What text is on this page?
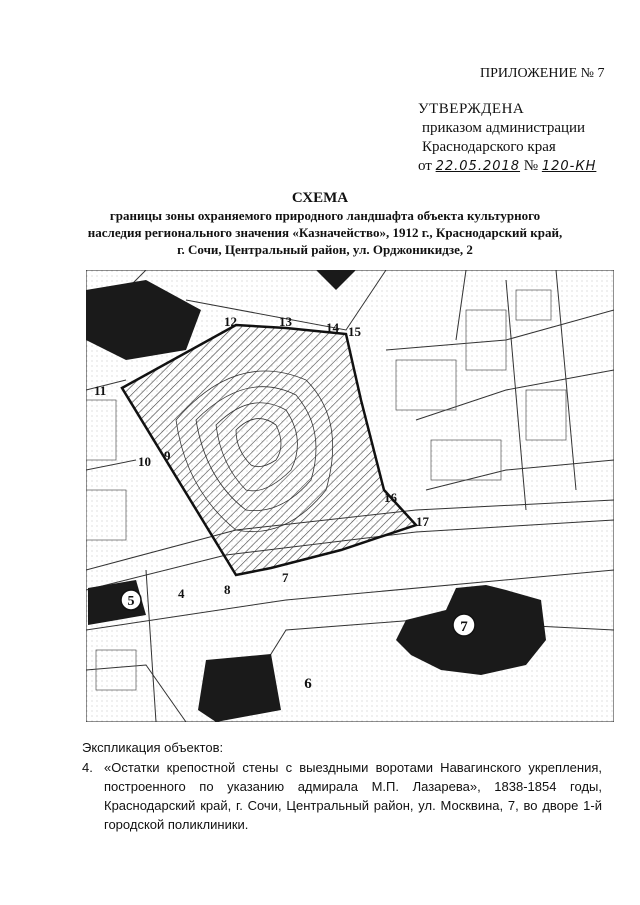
ПРИЛОЖЕНИЕ № 7
УТВЕРЖДЕНА
приказом администрации
Краснодарского края
от 22.05.2018 № 120-КН
СХЕМА
границы зоны охраняемого природного ландшафта объекта культурного наследия регионального значения «Казначейство», 1912 г., Краснодарский край, г. Сочи, Центральный район, ул. Орджоникидзе, 2
11
12	13	14 15
16
17
10 9
8
7
4
5
6
7
Экспликация объектов:
4. «Остатки крепостной стены с выездными воротами Навагинского укрепления, построенного по указанию адмирала М.П. Лазарева», 1838-1854 годы, Краснодарский край, г. Сочи, Центральный район, ул. Москвина, 7, во дворе 1-й городской поликлиники.
